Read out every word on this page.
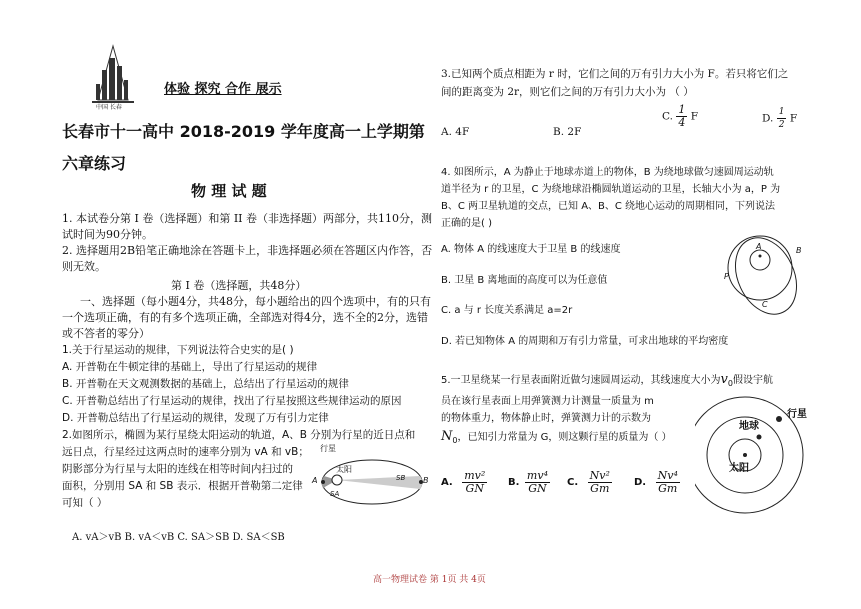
中国 长春
体验 探究 合作 展示
长春市十一高中 2018-2019 学年度高一上学期第
六章练习
物 理 试 题
1. 本试卷分第 I 卷（选择题）和第 II 卷（非选择题）两部分，共110分，测
试时间为90分钟。
2. 选择题用2B铅笔正确地涂在答题卡上，非选择题必须在答题区内作答，否
则无效。
第 I 卷（选择题，共48分）
一、选择题（每小题4分，共48分，每小题给出的四个选项中，有的只有
一个选项正确，有的有多个选项正确，全部选对得4分，选不全的2分，选错
或不答者的零分）
1.关于行星运动的规律，下列说法符合史实的是( )
A. 开普勒在牛顿定律的基础上，导出了行星运动的规律
B. 开普勒在天文观测数据的基础上，总结出了行星运动的规律
C. 开普勒总结出了行星运动的规律，找出了行星按照这些规律运动的原因
D. 开普勒总结出了行星运动的规律，发现了万有引力定律
2.如图所示，椭圆为某行星绕太阳运动的轨道，A、B 分别为行星的近日点和
远日点，行星经过这两点时的速率分别为 vA 和 vB；
阴影部分为行星与太阳的连线在相等时间内扫过的
面积，分别用 SA 和 SB 表示．根据开普勒第二定律
可知（ ）
A. vA＞vB B. vA＜vB C. SA＞SB D. SA＜SB
行星
太阳
A	B
SA
SB
3.已知两个质点相距为 r 时，它们之间的万有引力大小为 F。若只将它们之
间的距离变为 2r，则它们之间的万有引力大小为 （ ）
A. 4F	B. 2F
C. $\frac{1}{4}$ F	D. $\frac{1}{2}$ F
4. 如图所示，A 为静止于地球赤道上的物体，B 为绕地球做匀速圆周运动轨
道半径为 r 的卫星，C 为绕地球沿椭圆轨道运动的卫星，长轴大小为 a，P 为
B、C 两卫星轨道的交点，已知 A、B、C 绕地心运动的周期相同，下列说法
正确的是( )
A. 物体 A 的线速度大于卫星 B 的线速度
B. 卫星 B 离地面的高度可以为任意值
C. a 与 r 长度关系满足 a=2r
D. 若已知物体 A 的周期和万有引力常量，可求出地球的平均密度
A	B
P
C
5.一卫星绕某一行星表面附近做匀速圆周运动，其线速度大小为$v_0$假设宇航
员在该行星表面上用弹簧测力计测量一质量为 m
的物体重力，物体静止时，弹簧测力计的示数为
$N_0$，已知引力常量为 G，则这颗行星的质量为（ ）
A. $\frac{\text{mv²}}{GN} B$. $\frac{\text{mv⁴}}{GN} C$. $\frac{\text{Nv²}}{Gm} D$. $\frac{\text{Nv⁴}}{Gm}$
行星
地球
太阳
高一物理试卷 第 1页 共 4页
